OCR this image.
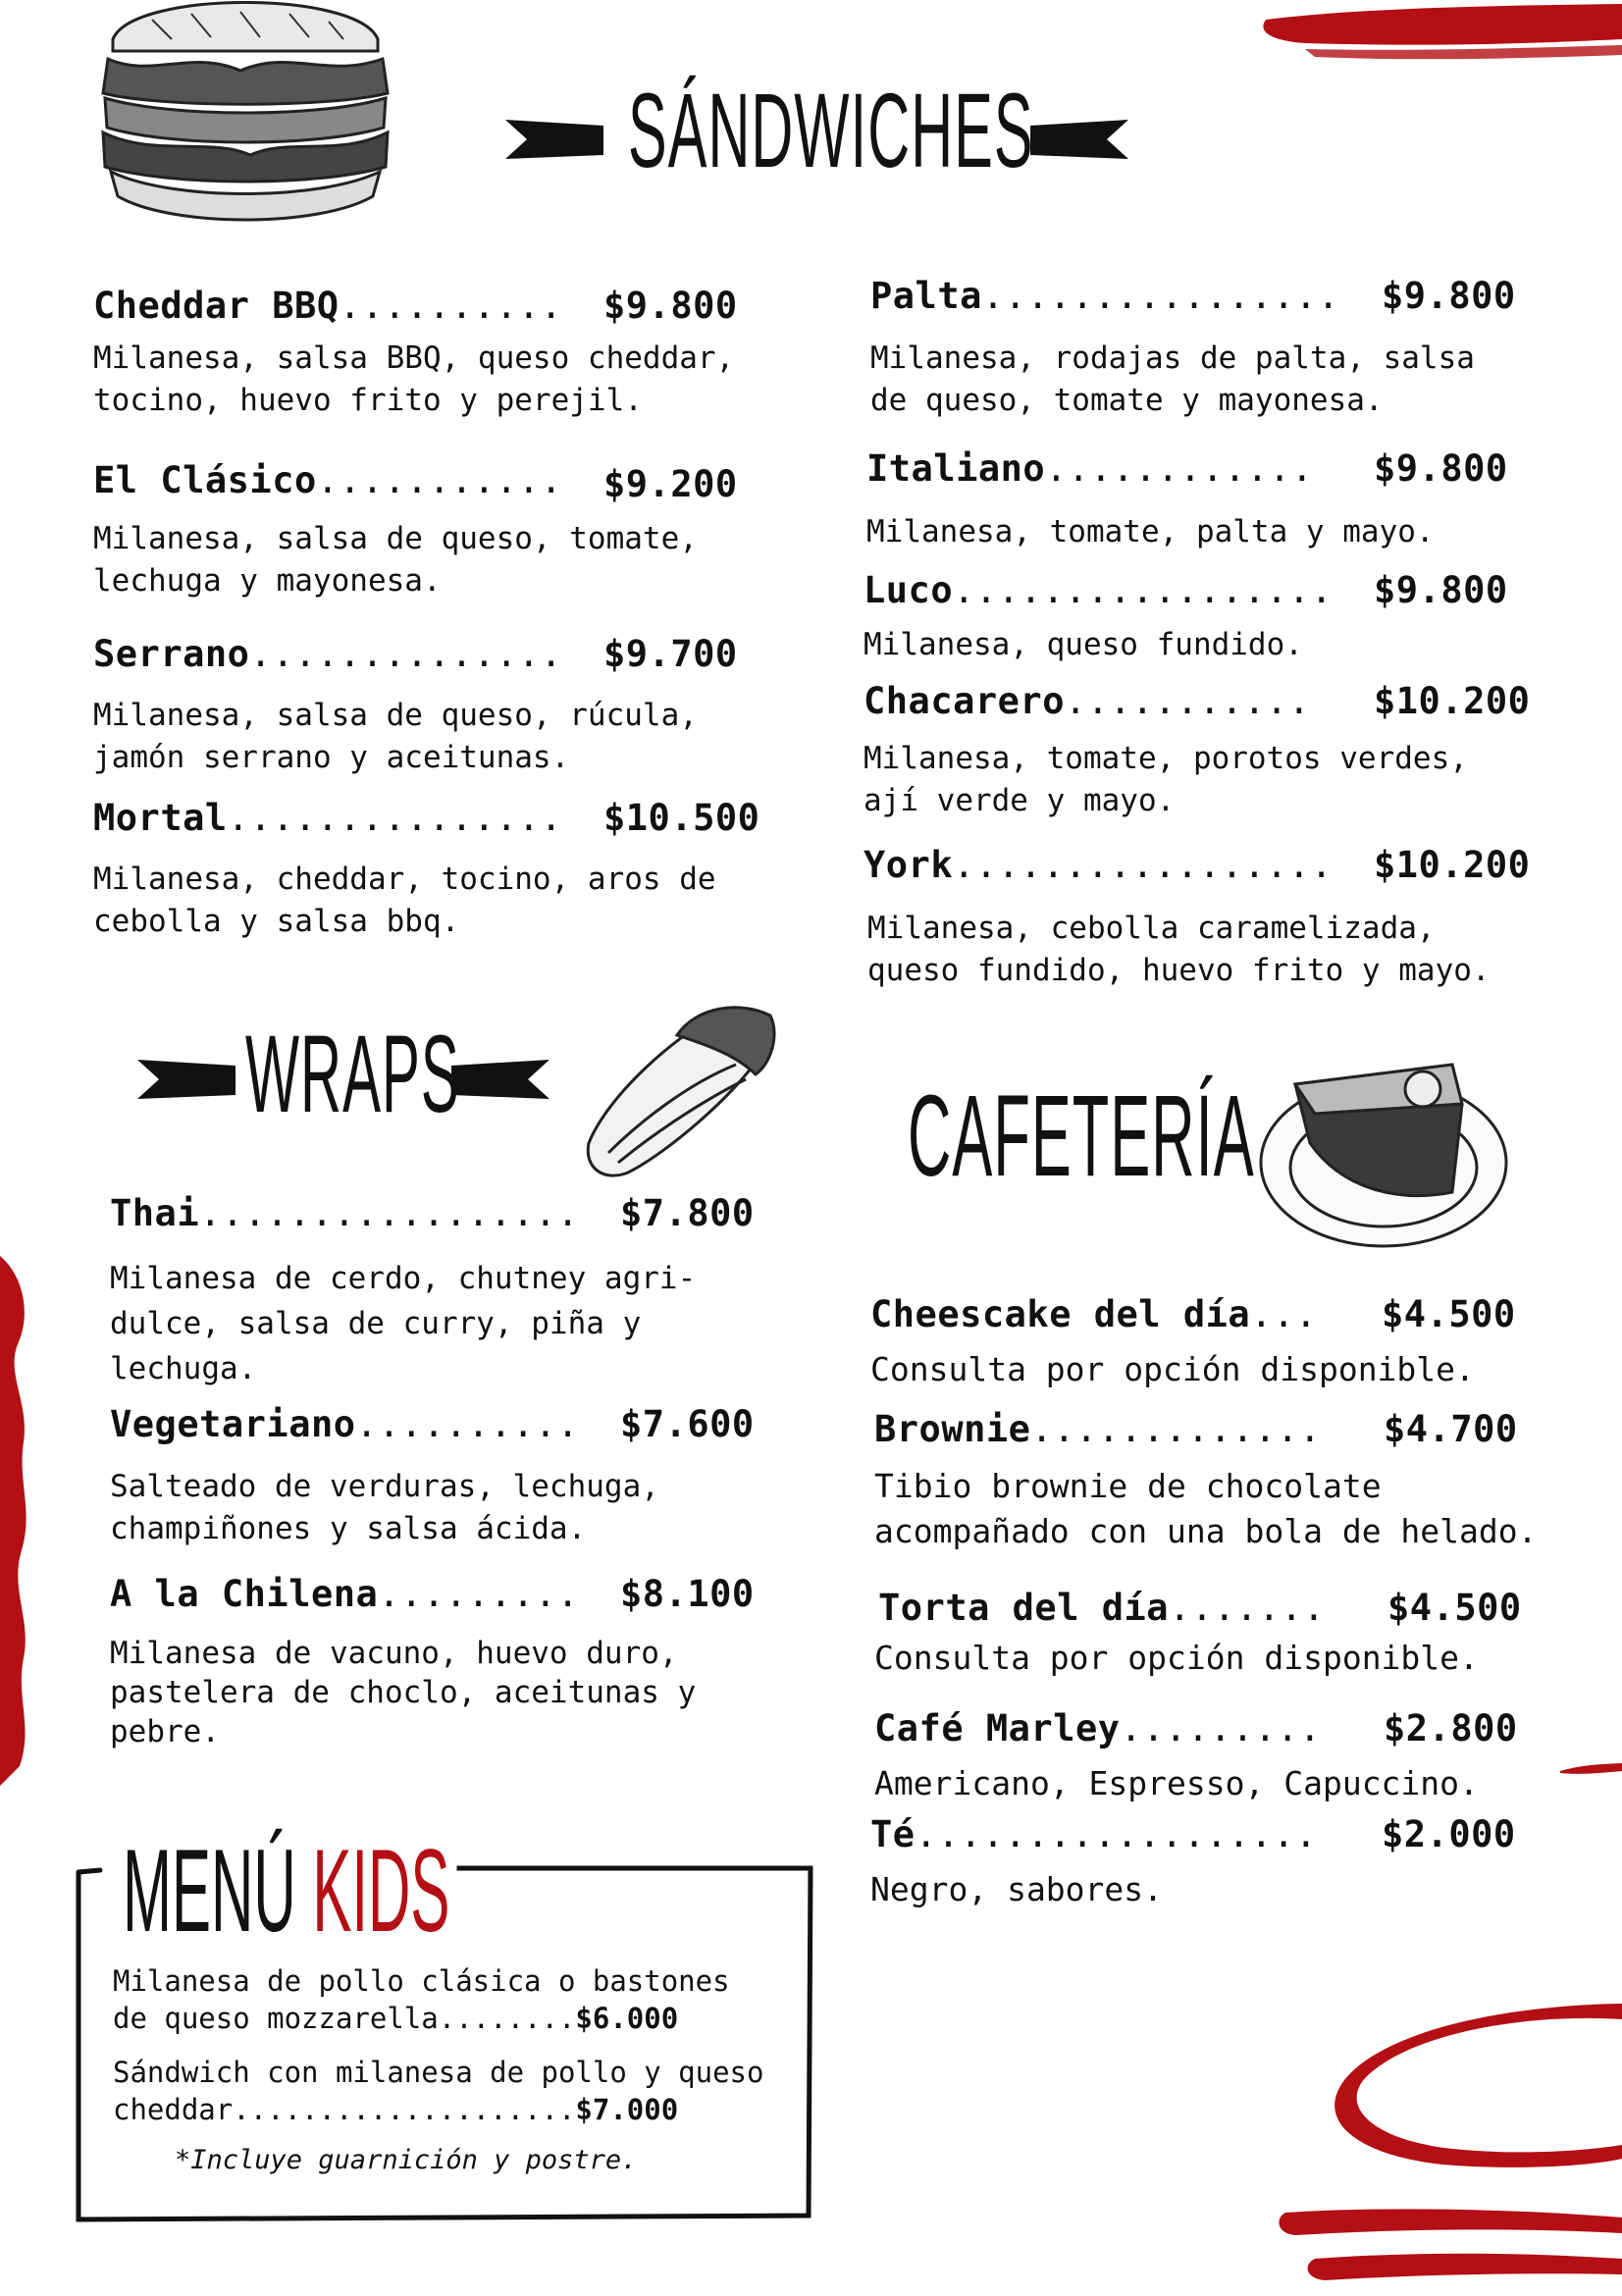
SÁNDWICHES
WRAPS	CAFETERÍA
Cheddar BBQ.......... $9.800
Milanesa, salsa BBQ, queso cheddar,
tocino, huevo frito y perejil.
El Clásico........... $9.200
Milanesa, salsa de queso, tomate,
lechuga y mayonesa.
Serrano.............. $9.700
Milanesa, salsa de queso, rúcula,
jamón serrano y aceitunas.
Mortal............... $10.500
Milanesa, cheddar, tocino, aros de
cebolla y salsa bbq.
Palta................ $9.800
Milanesa, rodajas de palta, salsa
de queso, tomate y mayonesa.
Italiano............ $9.800
Milanesa, tomate, palta y mayo.
Luco................. $9.800
Milanesa, queso fundido.
Chacarero........... $10.200
Milanesa, tomate, porotos verdes,
ají verde y mayo.
York................. $10.200
Milanesa, cebolla caramelizada,
queso fundido, huevo frito y mayo.
Thai................. $7.800
Milanesa de cerdo, chutney agri-
dulce, salsa de curry, piña y
lechuga.
Vegetariano.......... $7.600
Salteado de verduras, lechuga,
champiñones y salsa ácida.
A la Chilena......... $8.100
Milanesa de vacuno, huevo duro,
pastelera de choclo, aceitunas y
pebre.
Cheescake del día... $4.500
Consulta por opción disponible.
Brownie............. $4.700
Tibio brownie de chocolate
acompañado con una bola de helado.
Torta del día....... $4.500
Consulta por opción disponible.
Café Marley......... $2.800
Americano, Espresso, Capuccino.
Té.................. $2.000
Negro, sabores.
MENÚ KIDS
Milanesa de pollo clásica o bastones
de queso mozzarella........$6.000
Sándwich con milanesa de pollo y queso
cheddar....................$7.000
*Incluye guarnición y postre.
